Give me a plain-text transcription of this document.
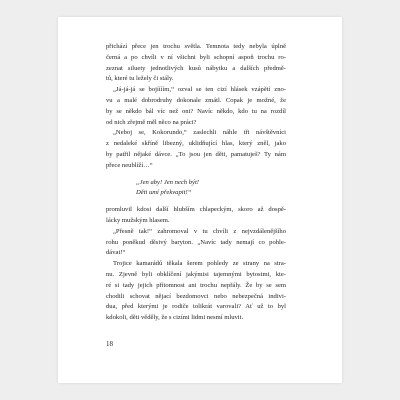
přichází přece jen trochu světla. Temnota tedy nebyla úplně
černá a po chvíli v ní všichni byli schopní aspoň trochu ro-
zeznat siluety jednotlivých kusů nábytku a dalších předmě-
tů, které tu ležely či stály.
„Já-já-já se bojíííím,“ ozval se ten cizí hlásek vzápětí zno-
vu a malé dobrodruhy dokonale zmátl. Copak je možné, že
by se někdo bál víc než oni? Navíc někdo, kdo tu na rozdíl
od nich zřejmě měl něco na práci?
„Neboj se, Kokorundo,“ zaslechli náhle tři návštěvníci
z nedaleké skříně libezný, uklidňující hlas, který zněl, jako
by patřil nějaké dávce. „To jsou jen děti, pamatuješ? Ty nám
přece neublíží…“
„Jen aby! Jen nech být!
Děti umí překvapit!“
promluvil kdosi další hlubším chlapeckým, skoro až dospě-
lácky mužským hlasem.
„Přesně tak!“ zahromoval v tu chvíli z nejvzdálenějšího
rohu poněkud děsivý baryton. „Navíc tady nemají co pohle-
dávat!“
Trojice kamarádů těkala šerem pohledy ze strany na stra-
nu. Zjevně byli obklíčení jakýmisi tajemnými bytostmi, kte-
ré si tady jejich přítomnost ani trochu nepřály. Že by se sem
chodili schovat nějací bezdomovci nebo nebezpečná indivi-
dua, před kterými je rodiče tolikrát varovali? Ať už to byl
kdokoli, děti věděly, že s cizími lidmi nesmí mluvit.
18
